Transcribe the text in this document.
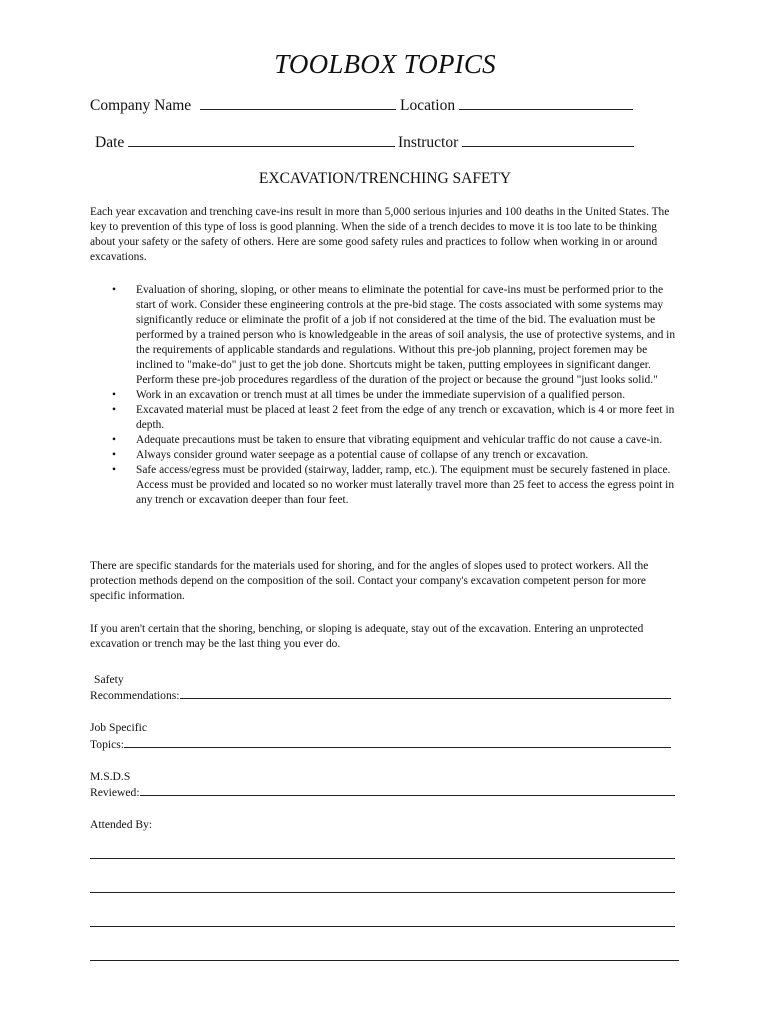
TOOLBOX TOPICS
Company Name	Location
Date	Instructor
EXCAVATION/TRENCHING SAFETY
Each year excavation and trenching cave-ins result in more than 5,000 serious injuries and 100 deaths in the United States. The key to prevention of this type of loss is good planning. When the side of a trench decides to move it is too late to be thinking about your safety or the safety of others. Here are some good safety rules and practices to follow when working in or around excavations.
• Evaluation of shoring, sloping, or other means to eliminate the potential for cave-ins must be performed prior to the start of work. Consider these engineering controls at the pre-bid stage. The costs associated with some systems may significantly reduce or eliminate the profit of a job if not considered at the time of the bid. The evaluation must be performed by a trained person who is knowledgeable in the areas of soil analysis, the use of protective systems, and in the requirements of applicable standards and regulations. Without this pre-job planning, project foremen may be inclined to "make-do" just to get the job done. Shortcuts might be taken, putting employees in significant danger. Perform these pre-job procedures regardless of the duration of the project or because the ground "just looks solid."
• Work in an excavation or trench must at all times be under the immediate supervision of a qualified person.
• Excavated material must be placed at least 2 feet from the edge of any trench or excavation, which is 4 or more feet in depth.
• Adequate precautions must be taken to ensure that vibrating equipment and vehicular traffic do not cause a cave-in.
• Always consider ground water seepage as a potential cause of collapse of any trench or excavation.
• Safe access/egress must be provided (stairway, ladder, ramp, etc.). The equipment must be securely fastened in place. Access must be provided and located so no worker must laterally travel more than 25 feet to access the egress point in any trench or excavation deeper than four feet.
There are specific standards for the materials used for shoring, and for the angles of slopes used to protect workers. All the protection methods depend on the composition of the soil. Contact your company's excavation competent person for more specific information.
If you aren't certain that the shoring, benching, or sloping is adequate, stay out of the excavation. Entering an unprotected excavation or trench may be the last thing you ever do.
Safety
Recommendations:
Job Specific
Topics:
M.S.D.S
Reviewed:
Attended By:
